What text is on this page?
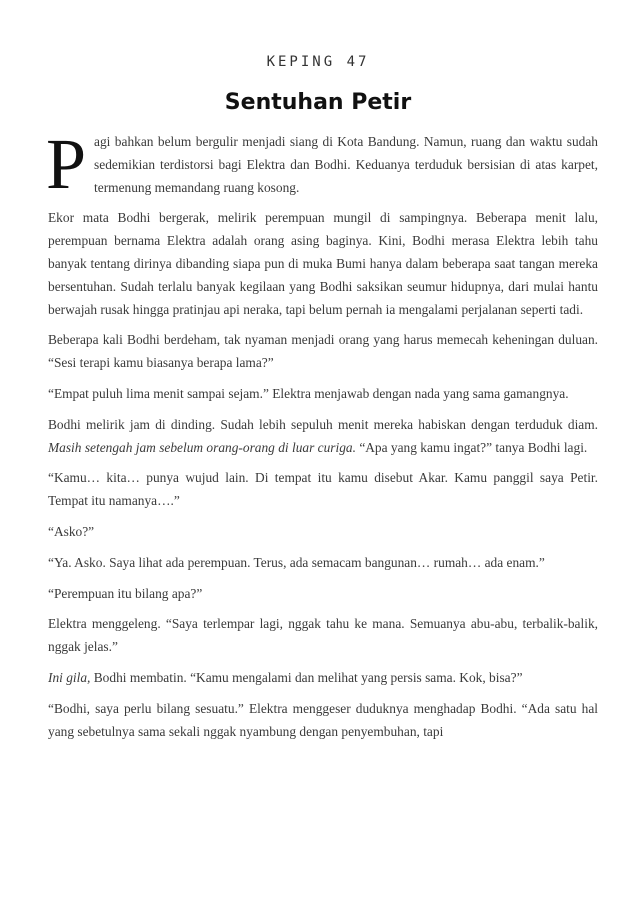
KEPING 47
Sentuhan Petir

Pagi bahkan belum bergulir menjadi siang di Kota Bandung. Namun, ruang dan waktu sudah sedemikian terdistorsi bagi Elektra dan Bodhi. Keduanya terduduk bersisian di atas karpet, termenung memandang ruang kosong.

Ekor mata Bodhi bergerak, melirik perempuan mungil di sampingnya. Beberapa menit lalu, perempuan bernama Elektra adalah orang asing baginya. Kini, Bodhi merasa Elektra lebih tahu banyak tentang dirinya dibanding siapa pun di muka Bumi hanya dalam beberapa saat tangan mereka bersentuhan. Sudah terlalu banyak kegilaan yang Bodhi saksikan seumur hidupnya, dari mulai hantu berwajah rusak hingga pratinjau api neraka, tapi belum pernah ia mengalami perjalanan seperti tadi.

Beberapa kali Bodhi berdeham, tak nyaman menjadi orang yang harus memecah keheningan duluan. “Sesi terapi kamu biasanya berapa lama?”

“Empat puluh lima menit sampai sejam.” Elektra menjawab dengan nada yang sama gamangnya.

Bodhi melirik jam di dinding. Sudah lebih sepuluh menit mereka habiskan dengan terduduk diam. Masih setengah jam sebelum orang-orang di luar curiga. “Apa yang kamu ingat?” tanya Bodhi lagi.

“Kamu… kita… punya wujud lain. Di tempat itu kamu disebut Akar. Kamu panggil saya Petir. Tempat itu namanya….”

“Asko?”

“Ya. Asko. Saya lihat ada perempuan. Terus, ada semacam bangunan… rumah… ada enam.”

“Perempuan itu bilang apa?”

Elektra menggeleng. “Saya terlempar lagi, nggak tahu ke mana. Semuanya abu-abu, terbalik-balik, nggak jelas.”

Ini gila, Bodhi membatin. “Kamu mengalami dan melihat yang persis sama. Kok, bisa?”

“Bodhi, saya perlu bilang sesuatu.” Elektra menggeser duduknya menghadap Bodhi. “Ada satu hal yang sebetulnya sama sekali nggak nyambung dengan penyembuhan, tapi
